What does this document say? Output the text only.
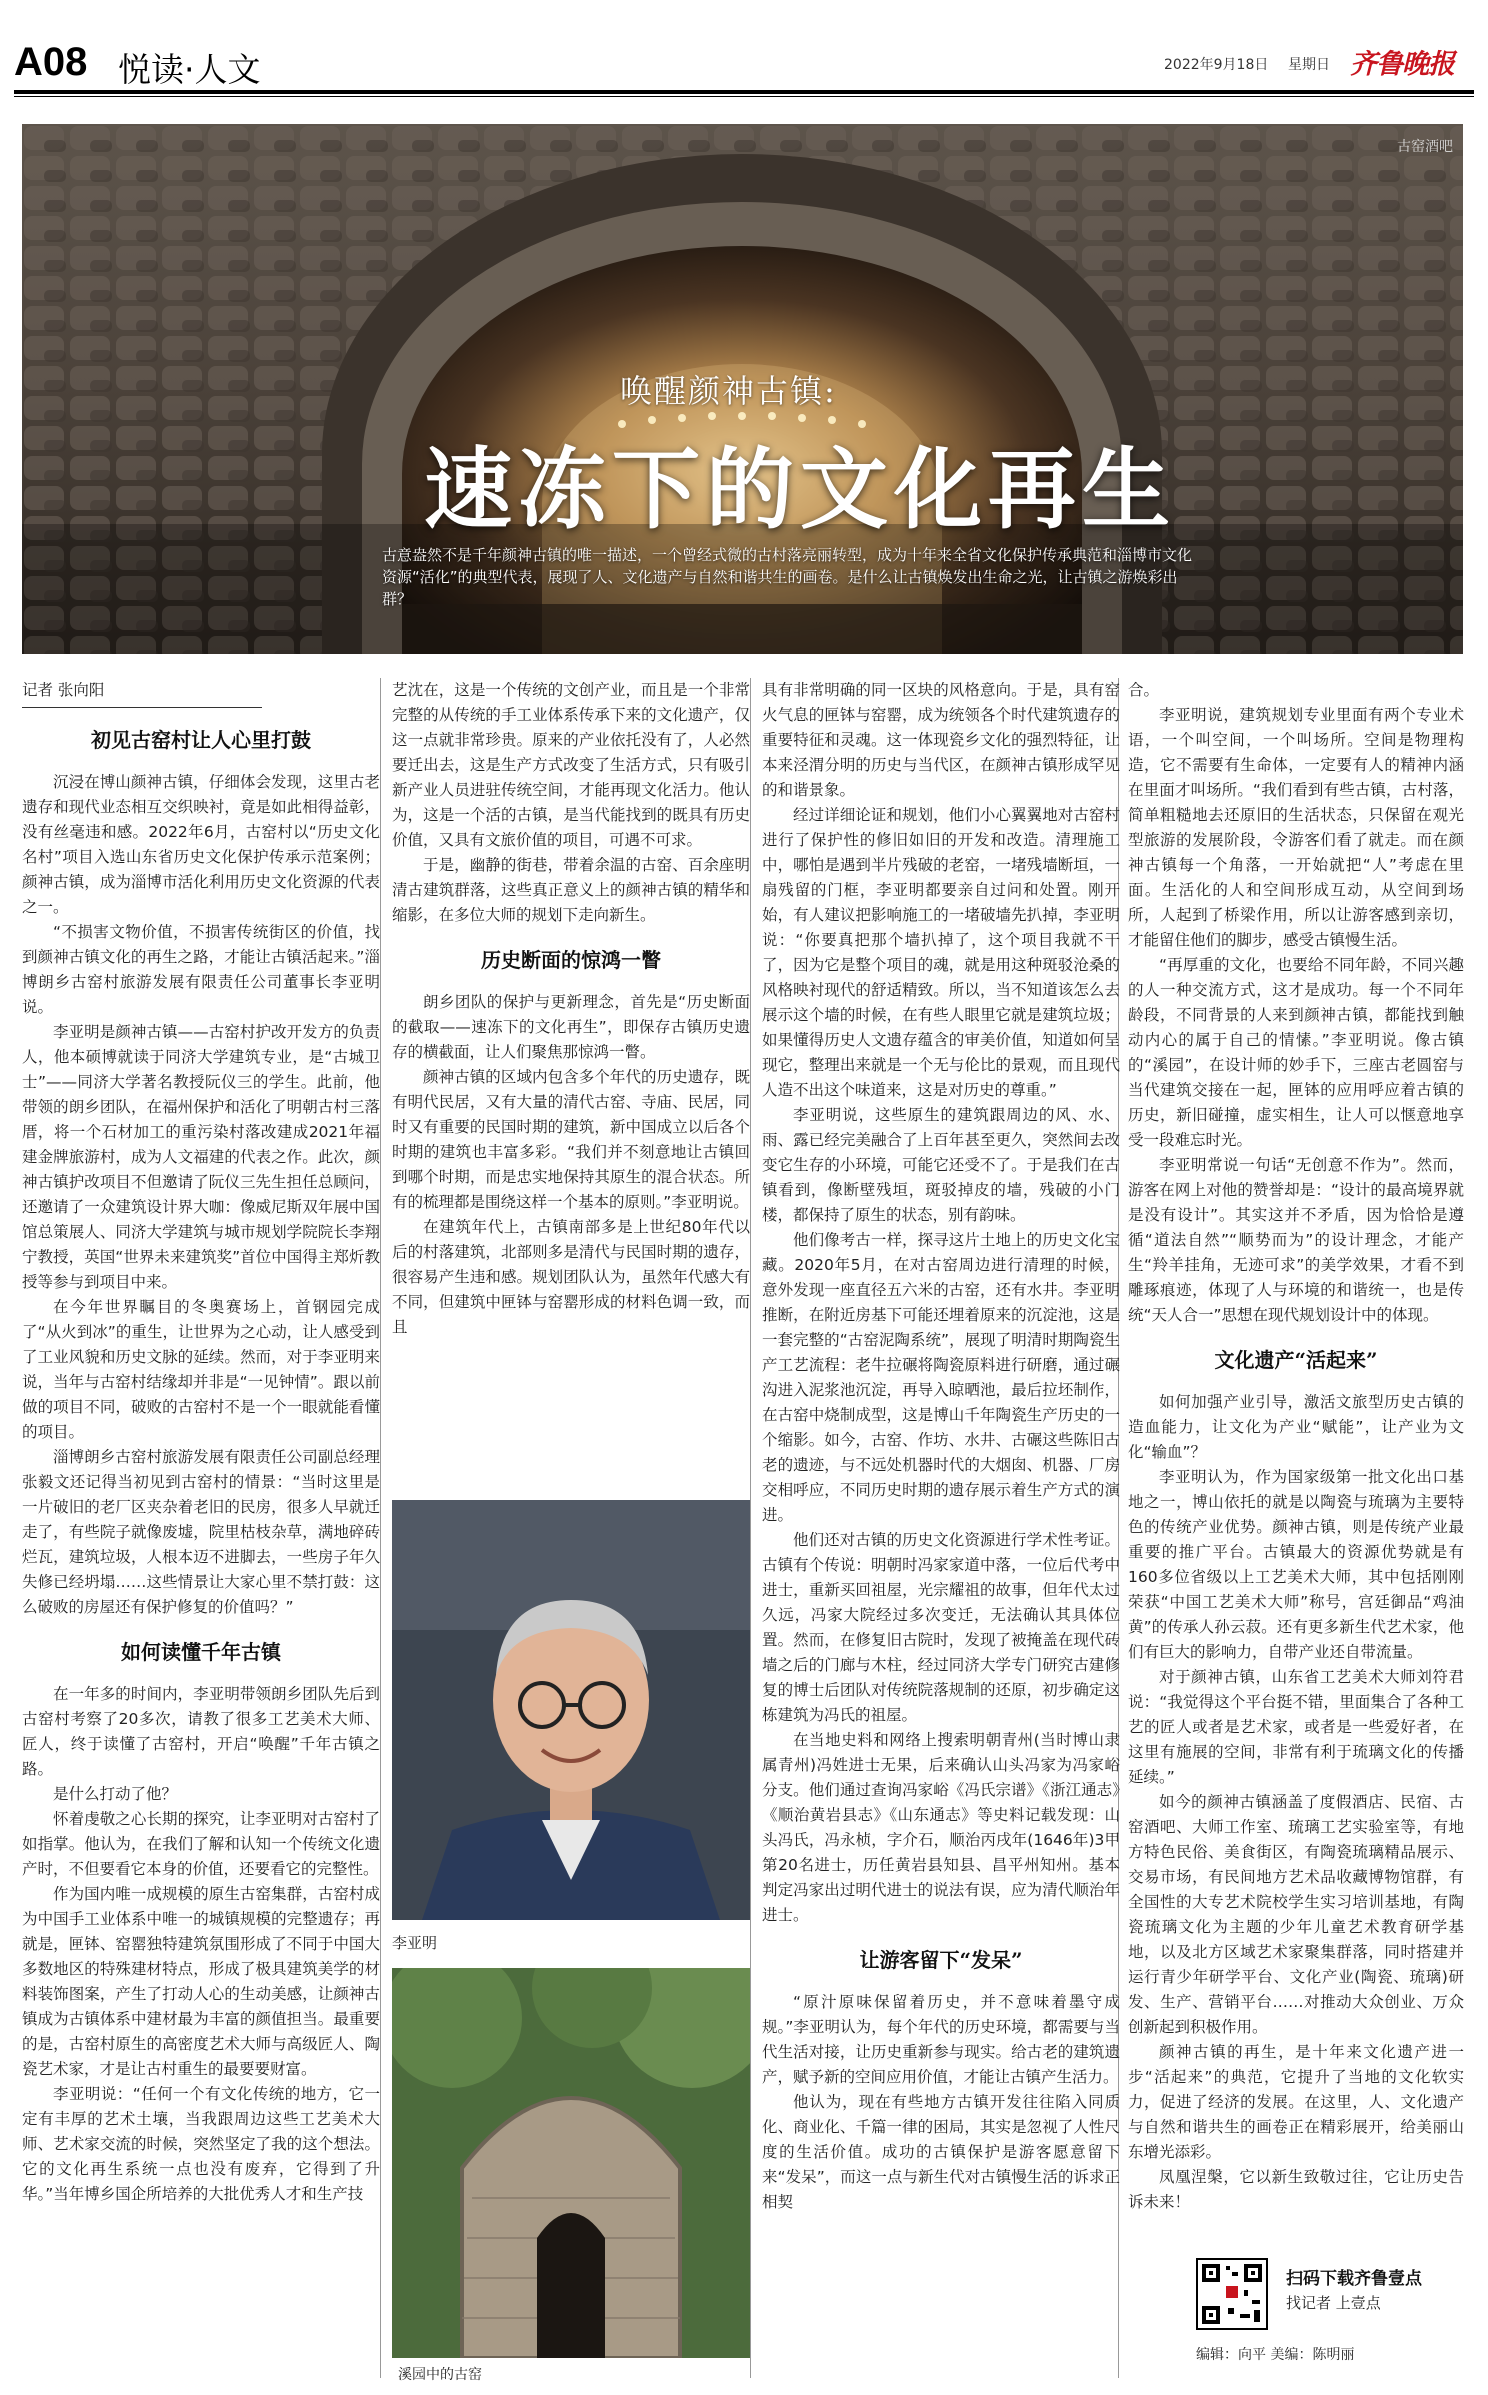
A08 悦读·人文	2022年9月18日 星期日 齐鲁晚报
古窑酒吧
唤醒颜神古镇:
速冻下的文化再生
古意盎然不是千年颜神古镇的唯一描述，一个曾经式微的古村落亮丽转型，成为十年来全省文化保护传承典范和淄博市文化资源“活化”的典型代表，展现了人、文化遗产与自然和谐共生的画卷。是什么让古镇焕发出生命之光，让古镇之游焕彩出群？
记者 张向阳
初见古窑村让人心里打鼓

沉浸在博山颜神古镇，仔细体会发现，这里古老遗存和现代业态相互交织映衬，竟是如此相得益彰，没有丝毫违和感。2022年6月，古窑村以“历史文化名村”项目入选山东省历史文化保护传承示范案例；颜神古镇，成为淄博市活化利用历史文化资源的代表之一。

“不损害文物价值，不损害传统街区的价值，找到颜神古镇文化的再生之路，才能让古镇活起来。”淄博朗乡古窑村旅游发展有限责任公司董事长李亚明说。

李亚明是颜神古镇——古窑村护改开发方的负责人，他本硕博就读于同济大学建筑专业，是“古城卫士”——同济大学著名教授阮仪三的学生。此前，他带领的朗乡团队，在福州保护和活化了明朝古村三落厝，将一个石材加工的重污染村落改建成2021年福建金牌旅游村，成为人文福建的代表之作。此次，颜神古镇护改项目不但邀请了阮仪三先生担任总顾问，还邀请了一众建筑设计界大咖：像威尼斯双年展中国馆总策展人、同济大学建筑与城市规划学院院长李翔宁教授，英国“世界未来建筑奖”首位中国得主郑炘教授等参与到项目中来。

在今年世界瞩目的冬奥赛场上，首钢园完成了“从火到冰”的重生，让世界为之心动，让人感受到了工业风貌和历史文脉的延续。然而，对于李亚明来说，当年与古窑村结缘却并非是“一见钟情”。跟以前做的项目不同，破败的古窑村不是一个一眼就能看懂的项目。

淄博朗乡古窑村旅游发展有限责任公司副总经理张毅文还记得当初见到古窑村的情景：“当时这里是一片破旧的老厂区夹杂着老旧的民房，很多人早就迁走了，有些院子就像废墟，院里枯枝杂草，满地碎砖烂瓦，建筑垃圾，人根本迈不进脚去，一些房子年久失修已经坍塌……这些情景让大家心里不禁打鼓：这么破败的房屋还有保护修复的价值吗？”

如何读懂千年古镇

在一年多的时间内，李亚明带领朗乡团队先后到古窑村考察了20多次，请教了很多工艺美术大师、匠人，终于读懂了古窑村，开启“唤醒”千年古镇之路。

是什么打动了他？

怀着虔敬之心长期的探究，让李亚明对古窑村了如指掌。他认为，在我们了解和认知一个传统文化遗产时，不但要看它本身的价值，还要看它的完整性。

作为国内唯一成规模的原生古窑集群，古窑村成为中国手工业体系中唯一的城镇规模的完整遗存；再就是，匣钵、窑罂独特建筑氛围形成了不同于中国大多数地区的特殊建材特点，形成了极具建筑美学的材料装饰图案，产生了打动人心的生动美感，让颜神古镇成为古镇体系中建材最为丰富的颜值担当。最重要的是，古窑村原生的高密度艺术大师与高级匠人、陶瓷艺术家，才是让古村重生的最要要财富。

李亚明说：“任何一个有文化传统的地方，它一定有丰厚的艺术土壤，当我跟周边这些工艺美术大师、艺术家交流的时候，突然坚定了我的这个想法。它的文化再生系统一点也没有废弃，它得到了升华。”当年博乡国企所培养的大批优秀人才和生产技

艺沈在，这是一个传统的文创产业，而且是一个非常完整的从传统的手工业体系传承下来的文化遗产，仅这一点就非常珍贵。原来的产业依托没有了，人必然要迁出去，这是生产方式改变了生活方式，只有吸引新产业人员进驻传统空间，才能再现文化活力。他认为，这是一个活的古镇，是当代能找到的既具有历史价值，又具有文旅价值的项目，可遇不可求。

于是，幽静的街巷，带着余温的古窑、百余座明清古建筑群落，这些真正意义上的颜神古镇的精华和缩影，在多位大师的规划下走向新生。

历史断面的惊鸿一瞥

朗乡团队的保护与更新理念，首先是“历史断面的截取——速冻下的文化再生”，即保存古镇历史遗存的横截面，让人们聚焦那惊鸿一瞥。

颜神古镇的区域内包含多个年代的历史遗存，既有明代民居，又有大量的清代古窑、寺庙、民居，同时又有重要的民国时期的建筑，新中国成立以后各个时期的建筑也丰富多彩。“我们并不刻意地让古镇回到哪个时期，而是忠实地保持其原生的混合状态。所有的梳理都是围绕这样一个基本的原则。”李亚明说。

在建筑年代上，古镇南部多是上世纪80年代以后的村落建筑，北部则多是清代与民国时期的遗存，很容易产生违和感。规划团队认为，虽然年代感大有不同，但建筑中匣钵与窑罂形成的材料色调一致，而且

具有非常明确的同一区块的风格意向。于是，具有窑火气息的匣钵与窑罂，成为统领各个时代建筑遗存的重要特征和灵魂。这一体现瓷乡文化的强烈特征，让本来泾渭分明的历史与当代区，在颜神古镇形成罕见的和谐景象。

经过详细论证和规划，他们小心翼翼地对古窑村进行了保护性的修旧如旧的开发和改造。清理施工中，哪怕是遇到半片残破的老窑，一堵残墙断垣，一扇残留的门框，李亚明都要亲自过问和处置。刚开始，有人建议把影响施工的一堵破墙先扒掉，李亚明说：“你要真把那个墙扒掉了，这个项目我就不干了，因为它是整个项目的魂，就是用这种斑驳沧桑的风格映衬现代的舒适精致。所以，当不知道该怎么去展示这个墙的时候，在有些人眼里它就是建筑垃圾；如果懂得历史人文遗存蕴含的审美价值，知道如何呈现它，整理出来就是一个无与伦比的景观，而且现代人造不出这个味道来，这是对历史的尊重。”

李亚明说，这些原生的建筑跟周边的风、水、雨、露已经完美融合了上百年甚至更久，突然间去改变它生存的小环境，可能它还受不了。于是我们在古镇看到，像断壁残垣，斑驳掉皮的墙，残破的小门楼，都保持了原生的状态，别有韵味。

他们像考古一样，探寻这片土地上的历史文化宝藏。2020年5月，在对古窑周边进行清理的时候，意外发现一座直径五六米的古窑，还有水井。李亚明推断，在附近房基下可能还埋着原来的沉淀池，这是一套完整的“古窑泥陶系统”，展现了明清时期陶瓷生产工艺流程：老牛拉碾将陶瓷原料进行研磨，通过碾沟进入泥浆池沉淀，再导入晾晒池，最后拉坯制作，在古窑中烧制成型，这是博山千年陶瓷生产历史的一个缩影。如今，古窑、作坊、水井、古碾这些陈旧古老的遗迹，与不远处机器时代的大烟囱、机器、厂房交相呼应，不同历史时期的遗存展示着生产方式的演进。

他们还对古镇的历史文化资源进行学术性考证。古镇有个传说：明朝时冯家家道中落，一位后代考中进士，重新买回祖屋，光宗耀祖的故事，但年代太过久远，冯家大院经过多次变迁，无法确认其具体位置。然而，在修复旧古院时，发现了被掩盖在现代砖墙之后的门廊与木柱，经过同济大学专门研究古建修复的博士后团队对传统院落规制的还原，初步确定这栋建筑为冯氏的祖屋。

在当地史料和网络上搜索明朝青州(当时博山隶属青州)冯姓进士无果，后来确认山头冯家为冯家峪分支。他们通过查询冯家峪《冯氏宗谱》《浙江通志》《顺治黄岩县志》《山东通志》等史料记载发现：山头冯氏，冯永桢，字介石，顺治丙戌年(1646年)3甲第20名进士，历任黄岩县知县、昌平州知州。基本判定冯家出过明代进士的说法有误，应为清代顺治年进士。

让游客留下“发呆”

“原汁原味保留着历史，并不意味着墨守成规。”李亚明认为，每个年代的历史环境，都需要与当代生活对接，让历史重新参与现实。给古老的建筑遗产，赋予新的空间应用价值，才能让古镇产生活力。

他认为，现在有些地方古镇开发往往陷入同质化、商业化、千篇一律的困局，其实是忽视了人性尺度的生活价值。成功的古镇保护是游客愿意留下来“发呆”，而这一点与新生代对古镇慢生活的诉求正相契

合。

李亚明说，建筑规划专业里面有两个专业术语，一个叫空间，一个叫场所。空间是物理构造，它不需要有生命体，一定要有人的精神内涵在里面才叫场所。“我们看到有些古镇，古村落，简单粗糙地去还原旧的生活状态，只保留在观光型旅游的发展阶段，令游客们看了就走。而在颜神古镇每一个角落，一开始就把“人”考虑在里面。生活化的人和空间形成互动，从空间到场所，人起到了桥梁作用，所以让游客感到亲切，才能留住他们的脚步，感受古镇慢生活。

“再厚重的文化，也要给不同年龄，不同兴趣的人一种交流方式，这才是成功。每一个不同年龄段，不同背景的人来到颜神古镇，都能找到触动内心的属于自己的情愫。”李亚明说。像古镇的“溪园”，在设计师的妙手下，三座古老圆窑与当代建筑交接在一起，匣钵的应用呼应着古镇的历史，新旧碰撞，虚实相生，让人可以惬意地享受一段难忘时光。

李亚明常说一句话“无创意不作为”。然而，游客在网上对他的赞誉却是：“设计的最高境界就是没有设计”。其实这并不矛盾，因为恰恰是遵循“道法自然”“顺势而为”的设计理念，才能产生“羚羊挂角，无迹可求”的美学效果，才看不到雕琢痕迹，体现了人与环境的和谐统一，也是传统“天人合一”思想在现代规划设计中的体现。

文化遗产“活起来”

如何加强产业引导，激活文旅型历史古镇的造血能力，让文化为产业“赋能”，让产业为文化“输血”？

李亚明认为，作为国家级第一批文化出口基地之一，博山依托的就是以陶瓷与琉璃为主要特色的传统产业优势。颜神古镇，则是传统产业最重要的推广平台。古镇最大的资源优势就是有160多位省级以上工艺美术大师，其中包括刚刚荣获“中国工艺美术大师”称号，宫廷御品“鸡油黄”的传承人孙云菽。还有更多新生代艺术家，他们有巨大的影响力，自带产业还自带流量。

对于颜神古镇，山东省工艺美术大师刘符君说：“我觉得这个平台挺不错，里面集合了各种工艺的匠人或者是艺术家，或者是一些爱好者，在这里有施展的空间，非常有利于琉璃文化的传播延续。”

如今的颜神古镇涵盖了度假酒店、民宿、古窑酒吧、大师工作室、琉璃工艺实验室等，有地方特色民俗、美食街区，有陶瓷琉璃精品展示、交易市场，有民间地方艺术品收藏博物馆群，有全国性的大专艺术院校学生实习培训基地，有陶瓷琉璃文化为主题的少年儿童艺术教育研学基地，以及北方区域艺术家聚集群落，同时搭建并运行青少年研学平台、文化产业(陶瓷、琉璃)研发、生产、营销平台……对推动大众创业、万众创新起到积极作用。

颜神古镇的再生，是十年来文化遗产进一步“活起来”的典范，它提升了当地的文化软实力，促进了经济的发展。在这里，人、文化遗产与自然和谐共生的画卷正在精彩展开，给美丽山东增光添彩。

凤凰涅槃，它以新生致敬过往，它让历史告诉未来！

李亚明
溪园中的古窑
扫码下载齐鲁壹点
找记者 上壹点
编辑：向平 美编：陈明丽
